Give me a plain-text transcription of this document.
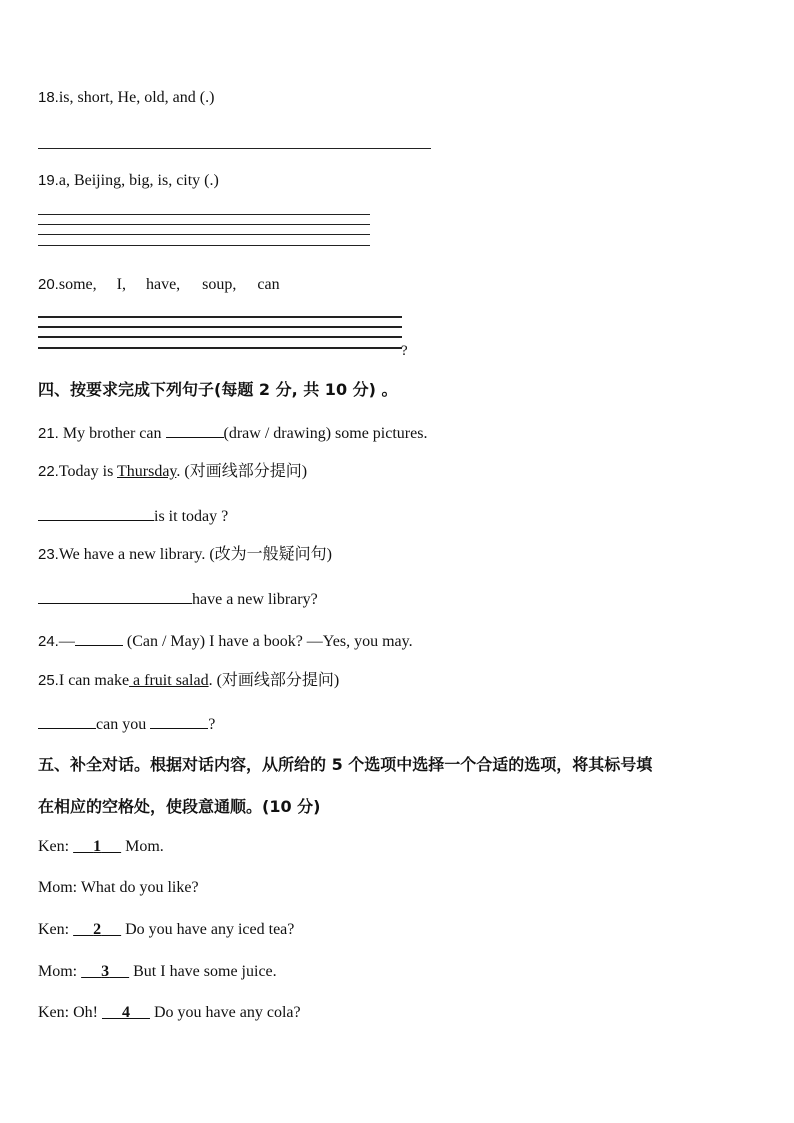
18.is, short, He, old, and (.)
19.a, Beijing, big, is, city (.)
20.some, I, have, soup, can
?
四、按要求完成下列句子(每题 2 分, 共 10 分) 。
21. My brother can	(draw / drawing) some pictures.
22.Today is Thursday. (对画线部分提问)
is it today ?
23.We have a new library. (改为一般疑问句)
have a new library?
24.—	(Can / May) I have a book? —Yes, you may.
25.I can make a fruit salad. (对画线部分提问)
can you	?
五、补全对话。根据对话内容，从所给的 5 个选项中选择一个合适的选项，将其标号填
在相应的空格处，使段意通顺。(10 分)
Ken:      1      Mom.
Mom: What do you like?
Ken:      2      Do you have any iced tea?
Mom:      3      But I have some juice.
Ken: Oh!      4      Do you have any cola?
